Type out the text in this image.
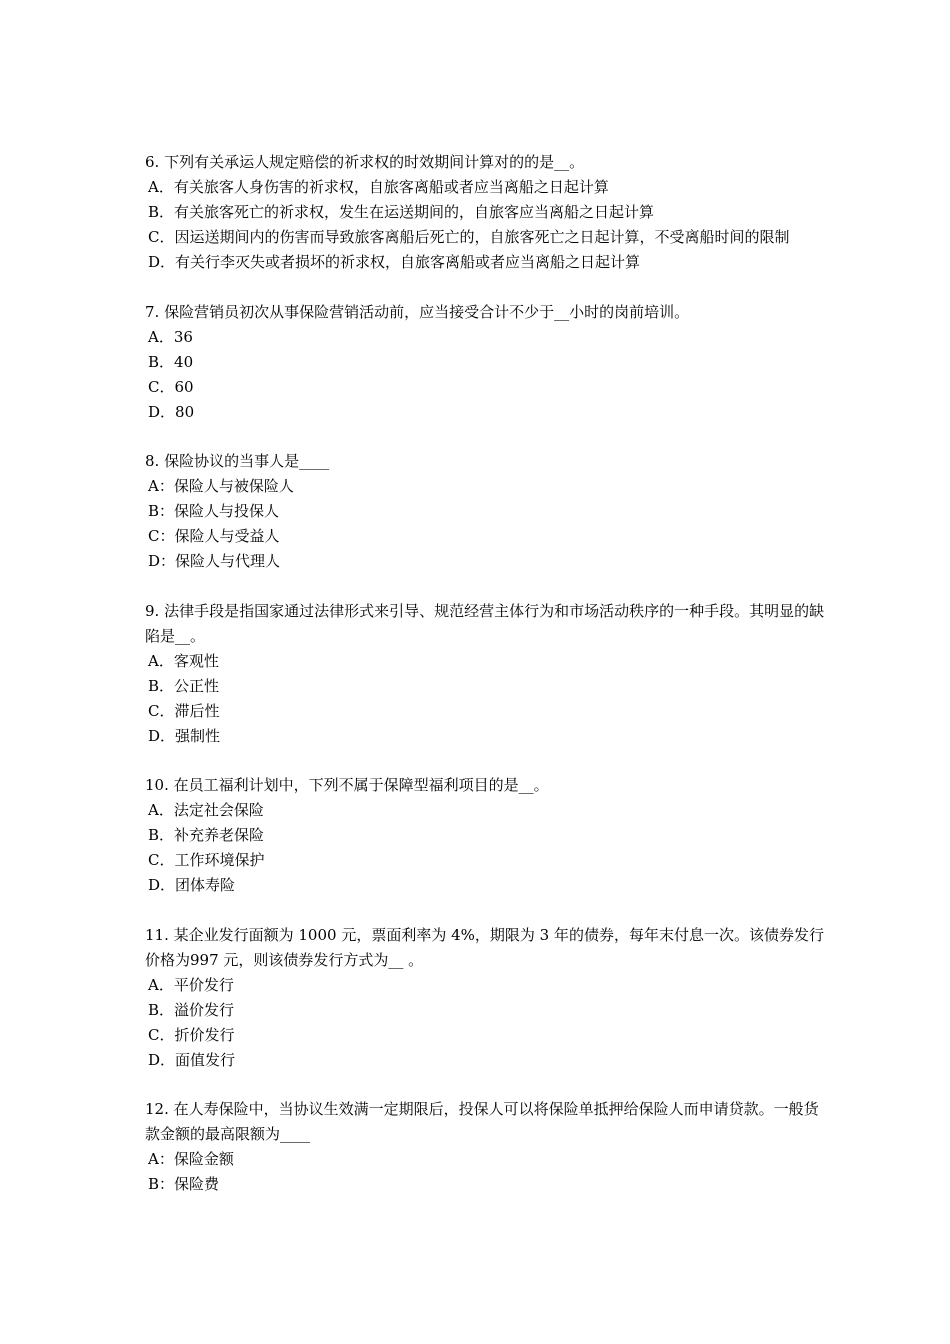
6. 下列有关承运人规定赔偿的祈求权的时效期间计算对的的是__。

A．有关旅客人身伤害的祈求权，自旅客离船或者应当离船之日起计算

B．有关旅客死亡的祈求权，发生在运送期间的，自旅客应当离船之日起计算

C．因运送期间内的伤害而导致旅客离船后死亡的，自旅客死亡之日起计算，不受离船时间的限制

D．有关行李灭失或者损坏的祈求权，自旅客离船或者应当离船之日起计算

7. 保险营销员初次从事保险营销活动前，应当接受合计不少于__小时的岗前培训。

A．36

B．40

C．60

D．80

8. 保险协议的当事人是____

A：保险人与被保险人

B：保险人与投保人

C：保险人与受益人

D：保险人与代理人

9. 法律手段是指国家通过法律形式来引导、规范经营主体行为和市场活动秩序的一种手段。其明显的缺陷是__。

A．客观性

B．公正性

C．滞后性

D．强制性

10. 在员工福利计划中，下列不属于保障型福利项目的是__。

A．法定社会保险

B．补充养老保险

C．工作环境保护

D．团体寿险

11. 某企业发行面额为 1000 元，票面利率为 4%，期限为 3 年的债券，每年末付息一次。该债券发行价格为997 元，则该债券发行方式为__ 。

A．平价发行

B．溢价发行

C．折价发行

D．面值发行

12. 在人寿保险中，当协议生效满一定期限后，投保人可以将保险单抵押给保险人而申请贷款。一般货款金额的最高限额为____

A：保险金额

B：保险费
